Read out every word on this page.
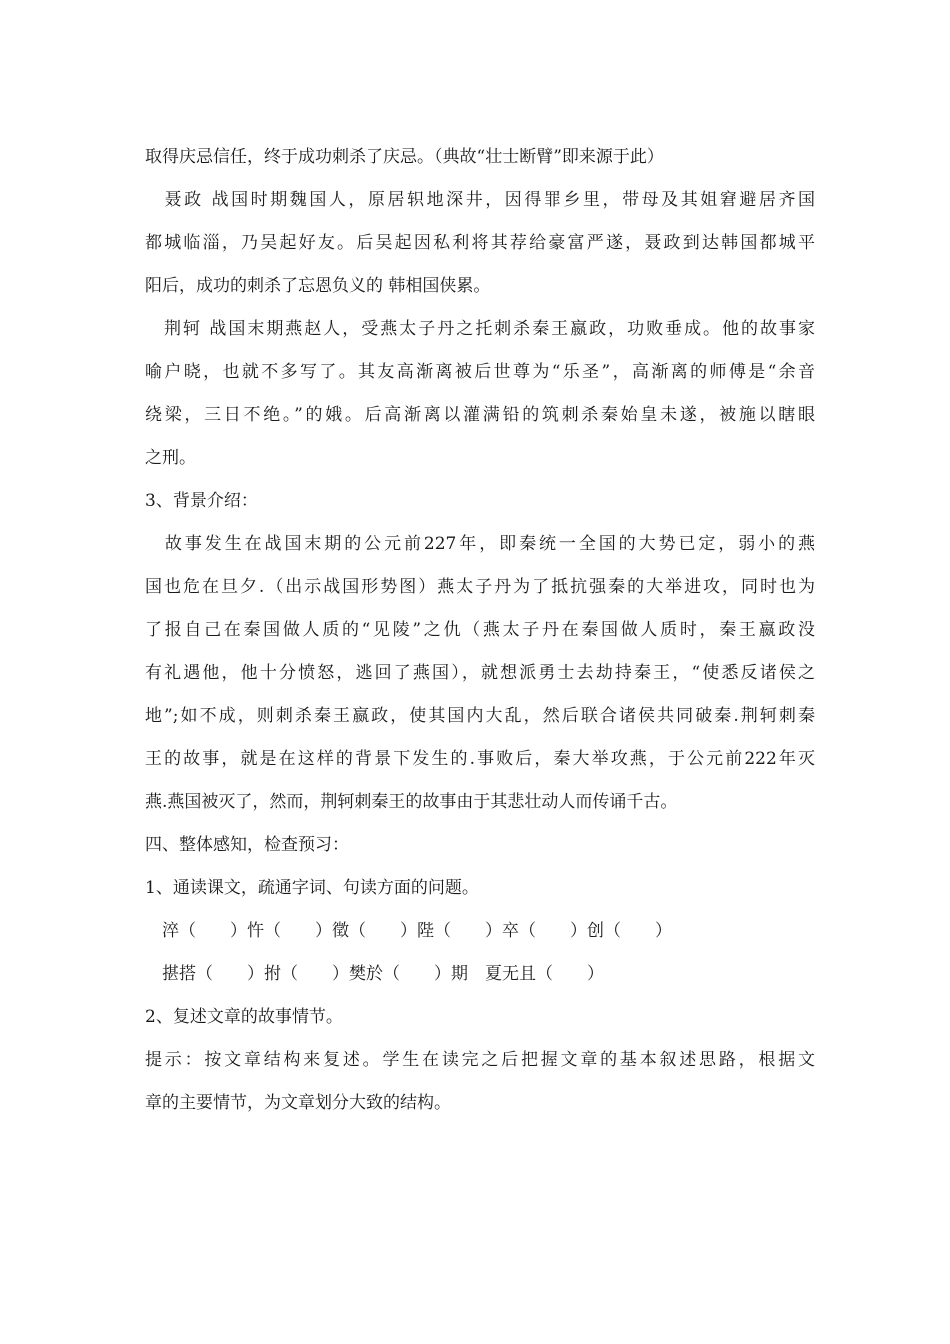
取得庆忌信任，终于成功刺杀了庆忌。（典故“壮士断臂”即来源于此）
　聂政 战国时期魏国人，原居轵地深井，因得罪乡里，带母及其姐窘避居齐国
都城临淄，乃吴起好友。后吴起因私利将其荐给豪富严遂，聂政到达韩国都城平
阳后，成功的刺杀了忘恩负义的 韩相国侠累。
　荆轲 战国末期燕赵人，受燕太子丹之托刺杀秦王嬴政，功败垂成。他的故事家
喻户晓，也就不多写了。其友高渐离被后世尊为“乐圣”，高渐离的师傅是“余音
绕梁，三日不绝。”的娥。后高渐离以灌满铅的筑刺杀秦始皇未遂，被施以瞎眼
之刑。
3、背景介绍：
　故事发生在战国末期的公元前227年，即秦统一全国的大势已定，弱小的燕
国也危在旦夕.（出示战国形势图）燕太子丹为了抵抗强秦的大举进攻，同时也为
了报自己在秦国做人质的“见陵”之仇（燕太子丹在秦国做人质时，秦王嬴政没
有礼遇他，他十分愤怒，逃回了燕国），就想派勇士去劫持秦王，“使悉反诸侯之
地”;如不成，则刺杀秦王嬴政，使其国内大乱，然后联合诸侯共同破秦.荆轲刺秦
王的故事，就是在这样的背景下发生的.事败后，秦大举攻燕，于公元前222年灭
燕.燕国被灭了，然而，荆轲刺秦王的故事由于其悲壮动人而传诵千古。
四、整体感知，检查预习：
1、通读课文，疏通字词、句读方面的问题。
　淬（　　）忤（　　）徵（　　）陛（　　）卒（　　）创（　　）
　揕搭（　　）拊（　　）樊於（　　）期　夏无且（　　）
2、复述文章的故事情节。
提示：按文章结构来复述。学生在读完之后把握文章的基本叙述思路，根据文
章的主要情节，为文章划分大致的结构。
